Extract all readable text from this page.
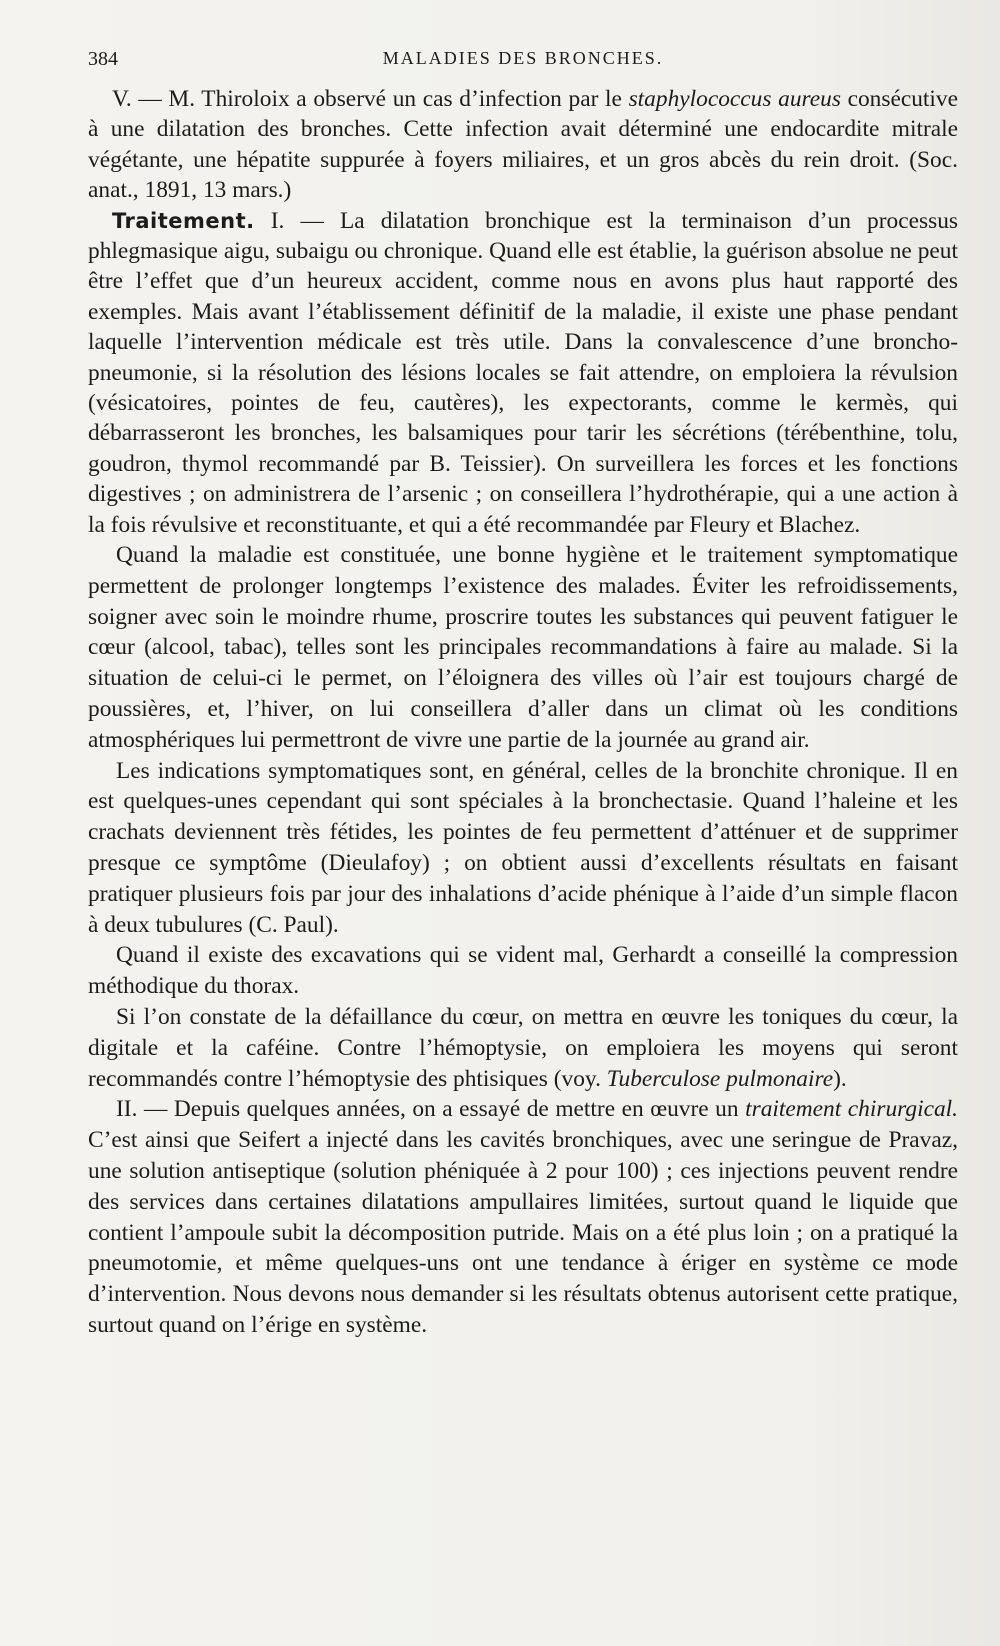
384	MALADIES DES BRONCHES.

V. — M. Thiroloix a observé un cas d’infection par le staphylococcus aureus consécutive à une dilatation des bronches. Cette infection avait déterminé une endocardite mitrale végétante, une hépatite suppurée à foyers miliaires, et un gros abcès du rein droit. (Soc. anat., 1891, 13 mars.)

Traitement. I. — La dilatation bronchique est la terminaison d’un processus phlegmasique aigu, subaigu ou chronique. Quand elle est établie, la guérison absolue ne peut être l’effet que d’un heureux accident, comme nous en avons plus haut rapporté des exemples. Mais avant l’établissement définitif de la maladie, il existe une phase pendant laquelle l’intervention médicale est très utile. Dans la convalescence d’une broncho-pneumonie, si la résolution des lésions locales se fait attendre, on emploiera la révulsion (vésicatoires, pointes de feu, cautères), les expectorants, comme le kermès, qui débarrasseront les bronches, les balsamiques pour tarir les sécrétions (térébenthine, tolu, goudron, thymol recommandé par B. Teissier). On surveillera les forces et les fonctions digestives ; on administrera de l’arsenic ; on conseillera l’hydrothérapie, qui a une action à la fois révulsive et reconstituante, et qui a été recommandée par Fleury et Blachez.

Quand la maladie est constituée, une bonne hygiène et le traitement symptomatique permettent de prolonger longtemps l’existence des malades. Éviter les refroidissements, soigner avec soin le moindre rhume, proscrire toutes les substances qui peuvent fatiguer le cœur (alcool, tabac), telles sont les principales recommandations à faire au malade. Si la situation de celui-ci le permet, on l’éloignera des villes où l’air est toujours chargé de poussières, et, l’hiver, on lui conseillera d’aller dans un climat où les conditions atmosphériques lui permettront de vivre une partie de la journée au grand air.

Les indications symptomatiques sont, en général, celles de la bronchite chronique. Il en est quelques-unes cependant qui sont spéciales à la bronchectasie. Quand l’haleine et les crachats deviennent très fétides, les pointes de feu permettent d’atténuer et de supprimer presque ce symptôme (Dieulafoy) ; on obtient aussi d’excellents résultats en faisant pratiquer plusieurs fois par jour des inhalations d’acide phénique à l’aide d’un simple flacon à deux tubulures (C. Paul).

Quand il existe des excavations qui se vident mal, Gerhardt a conseillé la compression méthodique du thorax.

Si l’on constate de la défaillance du cœur, on mettra en œuvre les toniques du cœur, la digitale et la caféine. Contre l’hémoptysie, on emploiera les moyens qui seront recommandés contre l’hémoptysie des phtisiques (voy. Tuberculose pulmonaire).

II. — Depuis quelques années, on a essayé de mettre en œuvre un traitement chirurgical. C’est ainsi que Seifert a injecté dans les cavités bronchiques, avec une seringue de Pravaz, une solution antiseptique (solution phéniquée à 2 pour 100) ; ces injections peuvent rendre des services dans certaines dilatations ampullaires limitées, surtout quand le liquide que contient l’ampoule subit la décomposition putride. Mais on a été plus loin ; on a pratiqué la pneumotomie, et même quelques-uns ont une tendance à ériger en système ce mode d’intervention. Nous devons nous demander si les résultats obtenus autorisent cette pratique, surtout quand on l’érige en système.
